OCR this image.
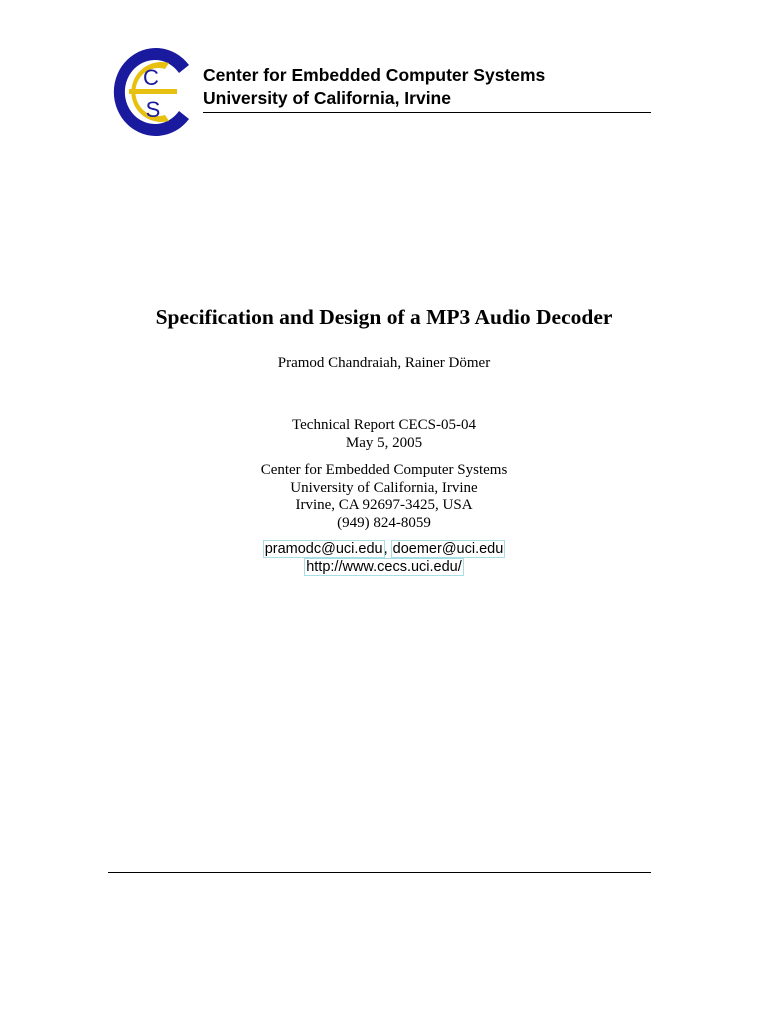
C
S
Center for Embedded Computer Systems
University of California, Irvine
Specification and Design of a MP3 Audio Decoder
Pramod Chandraiah, Rainer Dömer
Technical Report CECS-05-04
May 5, 2005
Center for Embedded Computer Systems
University of California, Irvine
Irvine, CA 92697-3425, USA
(949) 824-8059
pramodc@uci.edu, doemer@uci.edu
http://www.cecs.uci.edu/
